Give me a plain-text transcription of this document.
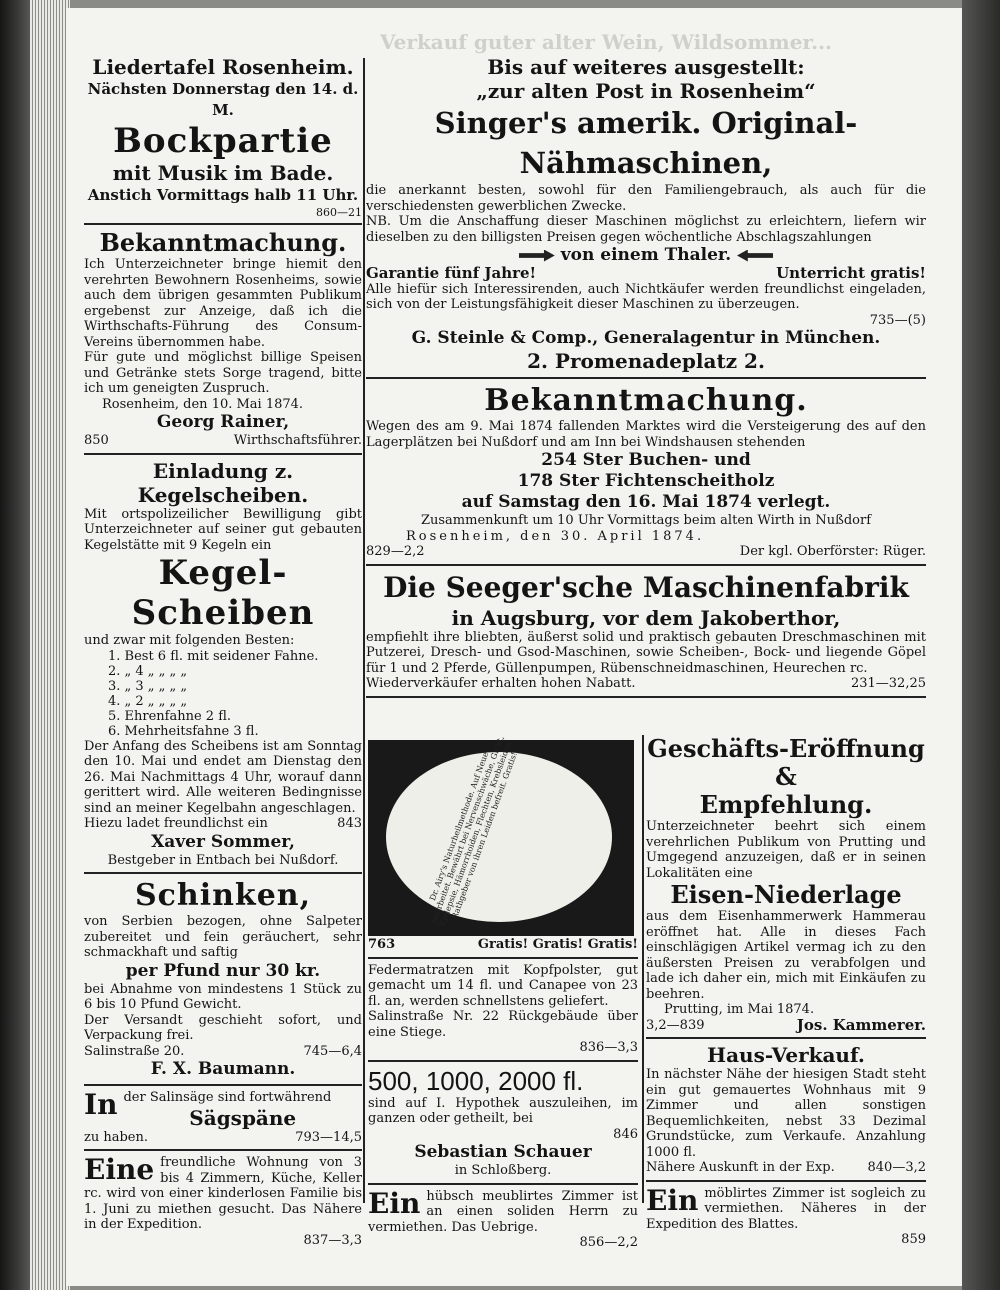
Verkauf guter alter Wein, Wildsommer...

Liedertafel Rosenheim.

Nächsten Donnerstag den 14. d. M.

Bockpartie

mit Musik im Bade.

Anstich Vormittags halb 11 Uhr.

860—21

Bekanntmachung.

Ich Unterzeichneter bringe hiemit den verehrten Bewohnern Rosenheims, sowie auch dem übrigen gesammten Publikum ergebenst zur Anzeige, daß ich die Wirthschafts-Führung des Consum-Vereins übernommen habe.

Für gute und möglichst billige Speisen und Getränke stets Sorge tragend, bitte ich um geneigten Zuspruch.

Rosenheim, den 10. Mai 1874.

Georg Rainer,

850	Wirthschaftsführer.

Einladung z. Kegelscheiben.

Mit ortspolizeilicher Bewilligung gibt Unterzeichneter auf seiner gut gebauten Kegelstätte mit 9 Kegeln ein

Kegel-Scheiben

und zwar mit folgenden Besten:

1. Best 6 fl. mit seidener Fahne.
2. „ 4 „ „ „ „
3. „ 3 „ „ „ „
4. „ 2 „ „ „ „
5. Ehrenfahne 2 fl.
6. Mehrheitsfahne 3 fl.

Der Anfang des Scheibens ist am Sonntag den 10. Mai und endet am Dienstag den 26. Mai Nachmittags 4 Uhr, worauf dann gerittert wird. Alle weiteren Bedingnisse sind an meiner Kegelbahn angeschlagen.

Hiezu ladet freundlichst ein	843

Xaver Sommer,

Bestgeber in Entbach bei Nußdorf.

Schinken,

von Serbien bezogen, ohne Salpeter zubereitet und fein geräuchert, sehr schmackhaft und saftig

per Pfund nur 30 kr.

bei Abnahme von mindestens 1 Stück zu 6 bis 10 Pfund Gewicht.

Der Versandt geschieht sofort, und Verpackung frei.

Salinstraße 20.	745—6,4

F. X. Baumann.

In der Salinsäge sind fortwährend

Sägspäne

zu haben.	793—14,5
Eine freundliche Wohnung von 3 bis 4 Zimmern, Küche, Keller rc. wird von einer kinderlosen Familie bis 1. Juni zu miethen gesucht. Das Nähere in der Expedition.

837—3,3

Bis auf weiteres ausgestellt:

„zur alten Post in Rosenheim“

Singer's amerik. Original-Nähmaschinen,

die anerkannt besten, sowohl für den Familiengebrauch, als auch für die verschiedensten gewerblichen Zwecke.

NB. Um die Anschaffung dieser Maschinen möglichst zu erleichtern, liefern wir dieselben zu den billigsten Preisen gegen wöchentliche Abschlagszahlungen

von einem Thaler.

Garantie fünf Jahre!	Unterricht gratis!

Alle hiefür sich Interessirenden, auch Nichtkäufer werden freundlichst eingeladen, sich von der Leistungsfähigkeit dieser Maschinen zu überzeugen.

735—(5)

G. Steinle & Comp., Generalagentur in München.

2. Promenadeplatz 2.

Bekanntmachung.

Wegen des am 9. Mai 1874 fallenden Marktes wird die Versteigerung des auf den Lagerplätzen bei Nußdorf und am Inn bei Windshausen stehenden

254 Ster Buchen- und

178 Ster Fichtenscheitholz

auf Samstag den 16. Mai 1874 verlegt.

Zusammenkunft um 10 Uhr Vormittags beim alten Wirth in Nußdorf

Rosenheim, den 30. April 1874.

829—2,2	Der kgl. Oberförster: Rüger.

Die Seeger'sche Maschinenfabrik

in Augsburg, vor dem Jakoberthor,

empfiehlt ihre bliebten, äußerst solid und praktisch gebauten Dreschmaschinen mit Putzerei, Dresch- und Gsod-Maschinen, sowie Scheiben-, Bock- und liegende Göpel für 1 und 2 Pferde, Güllenpumpen, Rübenschneidmaschinen, Heurechen rc.

Wiederverkäufer erhalten hohen Nabatt.	231—32,25
Dr. Airy's Naturheilmethode. Auf Neue bearbeitet. Bewährt bei Nervenschwäche, Gicht, Epilepsie, Hämorrhoiden, Flechten, Krebsleiden, Rathgeber von ihren Leiden befreit. Gratis!
763	Gratis! Gratis! Gratis!

Federmatratzen mit Kopfpolster, gut gemacht um 14 fl. und Canapee von 23 fl. an, werden schnellstens geliefert.

Salinstraße Nr. 22 Rückgebäude über eine Stiege.

836—3,3

500, 1000, 2000 fl.

sind auf I. Hypothek auszuleihen, im ganzen oder getheilt, bei

846

Sebastian Schauer

in Schloßberg.

Ein hübsch meublirtes Zimmer ist an einen soliden Herrn zu vermiethen. Das Uebrige.

856—2,2

Geschäfts-Eröffnung &

Empfehlung.

Unterzeichneter beehrt sich einem verehrlichen Publikum von Prutting und Umgegend anzuzeigen, daß er in seinen Lokalitäten eine

Eisen-Niederlage

aus dem Eisenhammerwerk Hammerau eröffnet hat. Alle in dieses Fach einschlägigen Artikel vermag ich zu den äußersten Preisen zu verabfolgen und lade ich daher ein, mich mit Einkäufen zu beehren.

Prutting, im Mai 1874.

3,2—839	Jos. Kammerer.

Haus-Verkauf.

In nächster Nähe der hiesigen Stadt steht ein gut gemauertes Wohnhaus mit 9 Zimmer und allen sonstigen Bequemlichkeiten, nebst 33 Dezimal Grundstücke, zum Verkaufe. Anzahlung 1000 fl.

Nähere Auskunft in der Exp.	840—3,2
Ein möblirtes Zimmer ist sogleich zu vermiethen. Näheres in der Expedition des Blattes.

859
